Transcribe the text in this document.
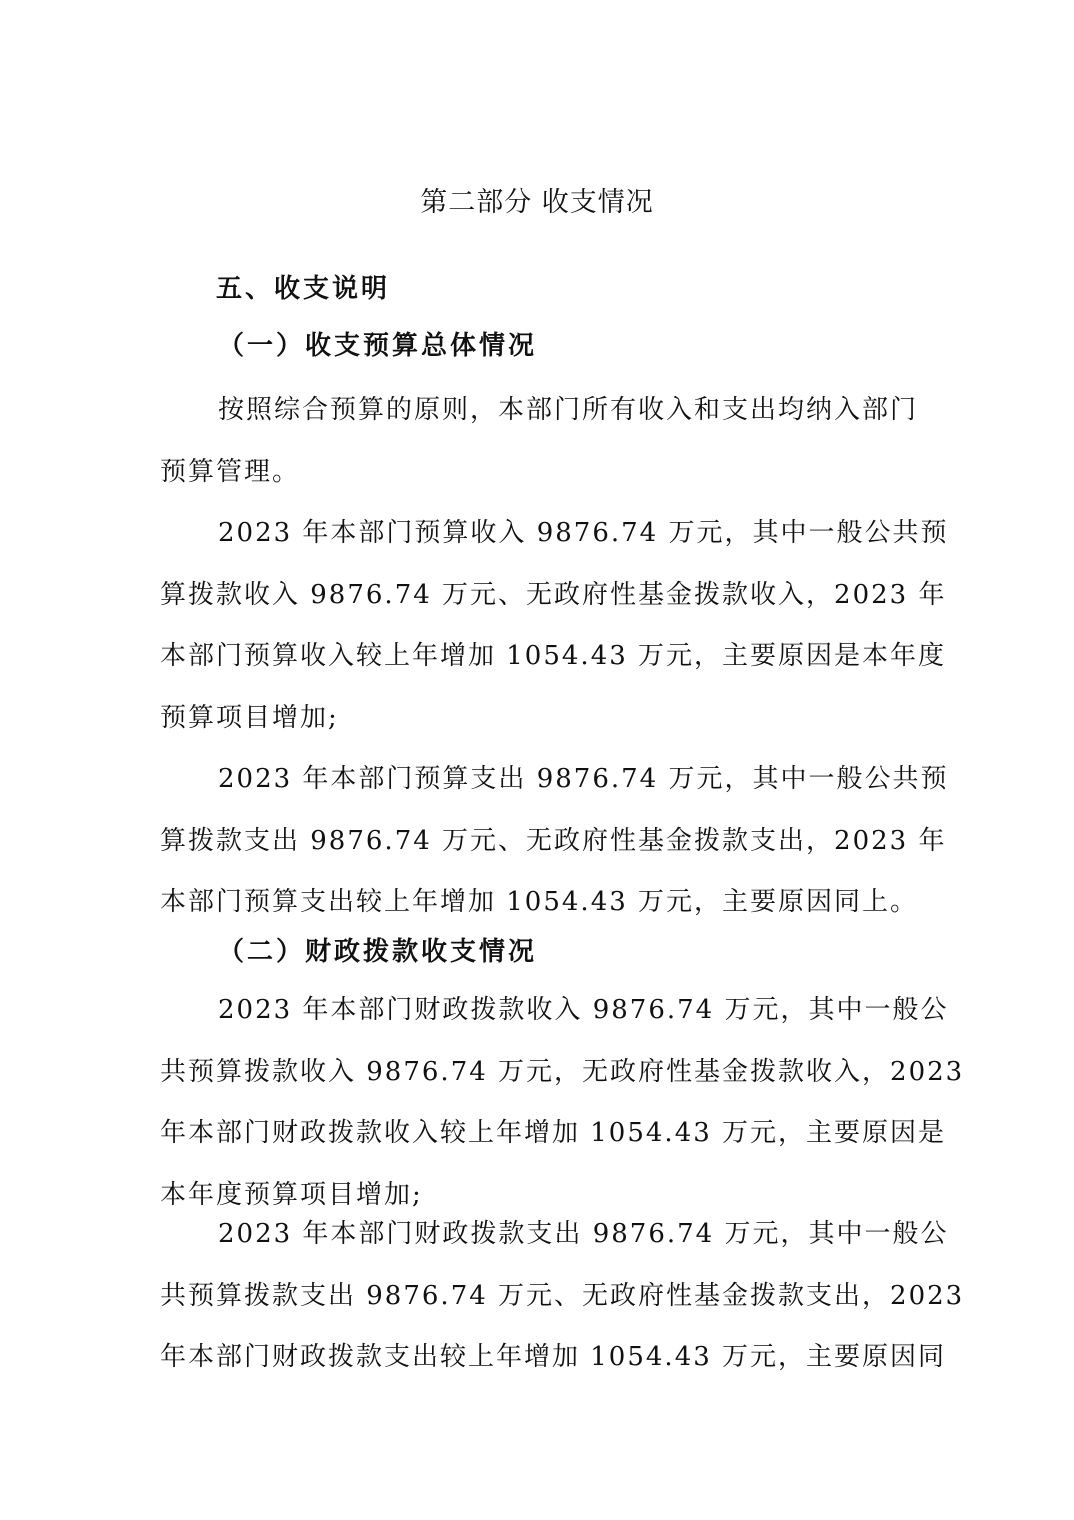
第二部分 收支情况
五、收支说明
（一）收支预算总体情况
按照综合预算的原则，本部门所有收入和支出均纳入部门
预算管理。
2023 年本部门预算收入 9876.74 万元，其中一般公共预
算拨款收入 9876.74 万元、无政府性基金拨款收入，2023 年
本部门预算收入较上年增加 1054.43 万元，主要原因是本年度
预算项目增加;
2023 年本部门预算支出 9876.74 万元，其中一般公共预
算拨款支出 9876.74 万元、无政府性基金拨款支出，2023 年
本部门预算支出较上年增加 1054.43 万元，主要原因同上。
（二）财政拨款收支情况
2023 年本部门财政拨款收入 9876.74 万元，其中一般公
共预算拨款收入 9876.74 万元，无政府性基金拨款收入，2023
年本部门财政拨款收入较上年增加 1054.43 万元，主要原因是
本年度预算项目增加;
2023 年本部门财政拨款支出 9876.74 万元，其中一般公
共预算拨款支出 9876.74 万元、无政府性基金拨款支出，2023
年本部门财政拨款支出较上年增加 1054.43 万元，主要原因同
